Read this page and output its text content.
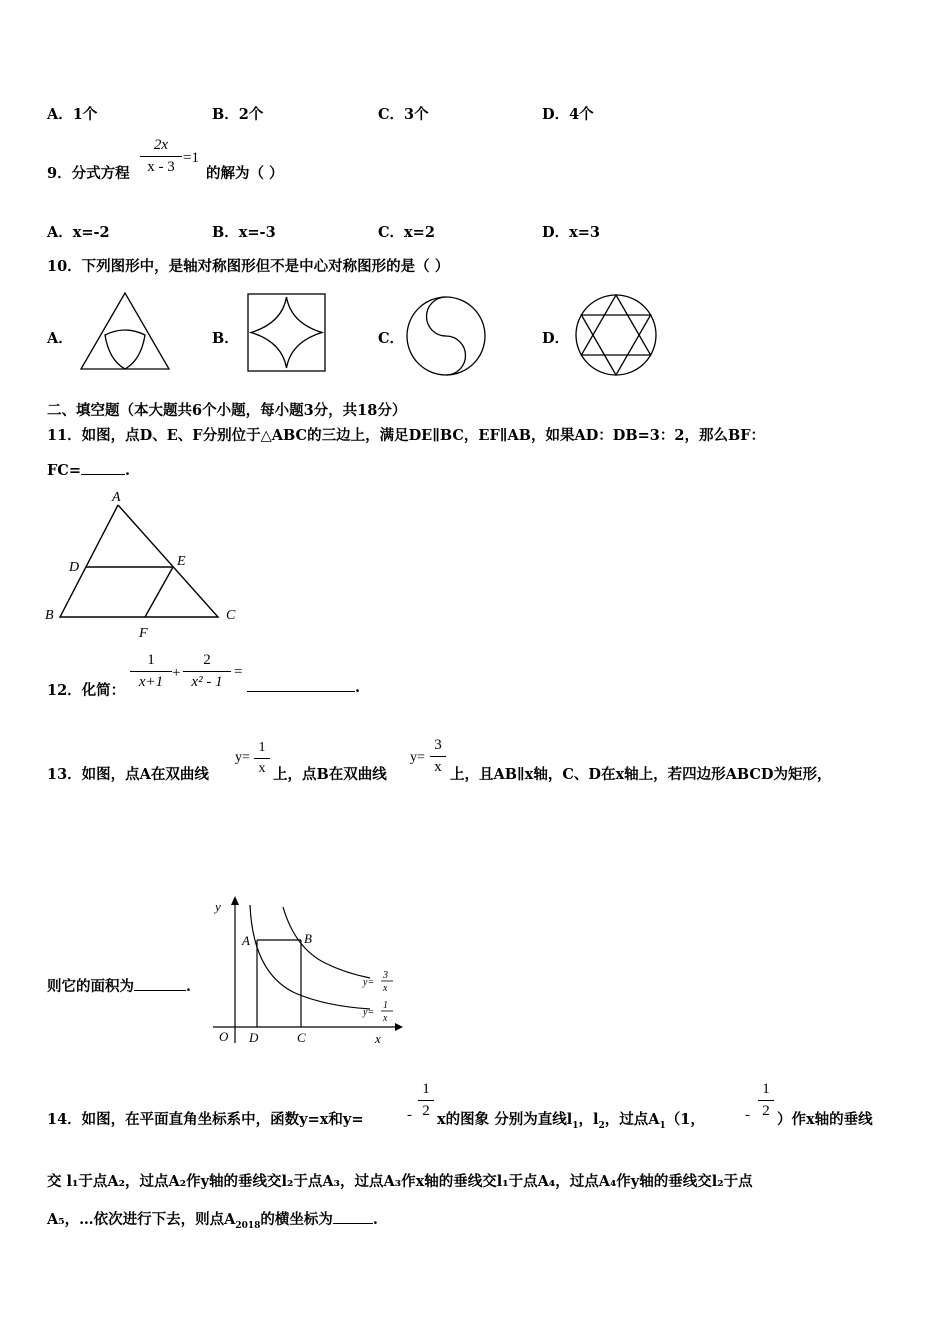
A．1个	B．2个	C．3个	D．4个
9．分式方程
2x
x - 3
=1
的解为（ ）
A．x=-2	B．x=-3	C．x=2	D．x=3
10．下列图形中，是轴对称图形但不是中心对称图形的是（ ）
A．	B．	C．	D．
二、填空题（本大题共6个小题，每小题3分，共18分）
11．如图，点D、E、F分别位于△ABC的三边上，满足DE∥BC，EF∥AB，如果AD：DB=3：2，那么BF：
FC=	.
A
D	E
B	C
F
12．化简：
1
x+1
+
2
x² - 1
=
.
13．如图，点A在双曲线
y=
1
x 上，点B在双曲线
y=
3
x 上，且AB∥x轴，C、D在x轴上，若四边形ABCD为矩形，
则它的面积为	.
y
x
O
A	B
C
D
y=
3
x
y=
1
x
14．如图，在平面直角坐标系中，函数y=x和y=	-
1
2 x的图象 分别为直线$l_1$，$l_2$，过点$A_1(1$，	-
1
2 ）作x轴的垂线
交 l₁于点A₂，过点A₂作y轴的垂线交l₂于点A₃，过点A₃作x轴的垂线交l₁于点A₄，过点A₄作y轴的垂线交l₂于点
A₅，…依次进行下去，则点$A_{2018}$的横坐标为	.
